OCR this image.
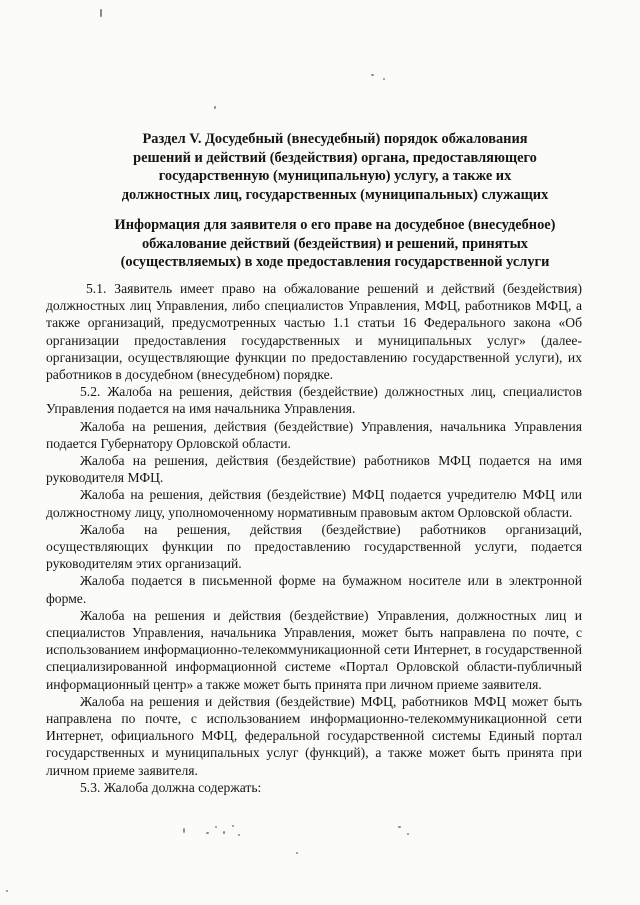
Раздел V. Досудебный (внесудебный) порядок обжалования
решений и действий (бездействия) органа, предоставляющего
государственную (муниципальную) услугу, а также их
должностных лиц, государственных (муниципальных) служащих
Информация для заявителя о его праве на досудебное (внесудебное)
обжалование действий (бездействия) и решений, принятых
(осуществляемых) в ходе предоставления государственной услуги

5.1. Заявитель имеет право на обжалование решений и действий (бездействия) должностных лиц Управления, либо специалистов Управления, МФЦ, работников МФЦ, а также организаций, предусмотренных частью 1.1 статьи 16 Федерального закона «Об организации предоставления государственных и муниципальных услуг» (далее-организации, осуществляющие функции по предоставлению государственной услуги), их работников в досудебном (внесудебном) порядке.

5.2. Жалоба на решения, действия (бездействие) должностных лиц, специалистов Управления подается на имя начальника Управления.

Жалоба на решения, действия (бездействие) Управления, начальника Управления подается Губернатору Орловской области.

Жалоба на решения, действия (бездействие) работников МФЦ подается на имя руководителя МФЦ.

Жалоба на решения, действия (бездействие) МФЦ подается учредителю МФЦ или должностному лицу, уполномоченному нормативным правовым актом Орловской области.

Жалоба на решения, действия (бездействие) работников организаций, осуществляющих функции по предоставлению государственной услуги, подается руководителям этих организаций.

Жалоба подается в письменной форме на бумажном носителе или в электронной форме.

Жалоба на решения и действия (бездействие) Управления, должностных лиц и специалистов Управления, начальника Управления, может быть направлена по почте, с использованием информационно-телекоммуникационной сети Интернет, в государственной специализированной информационной системе «Портал Орловской области-публичный информационный центр» а также может быть принята при личном приеме заявителя.

Жалоба на решения и действия (бездействие) МФЦ, работников МФЦ может быть направлена по почте, с использованием информационно-телекоммуникационной сети Интернет, официального МФЦ, федеральной государственной системы Единый портал государственных и муниципальных услуг (функций), а также может быть принята при личном приеме заявителя.

5.3. Жалоба должна содержать:
